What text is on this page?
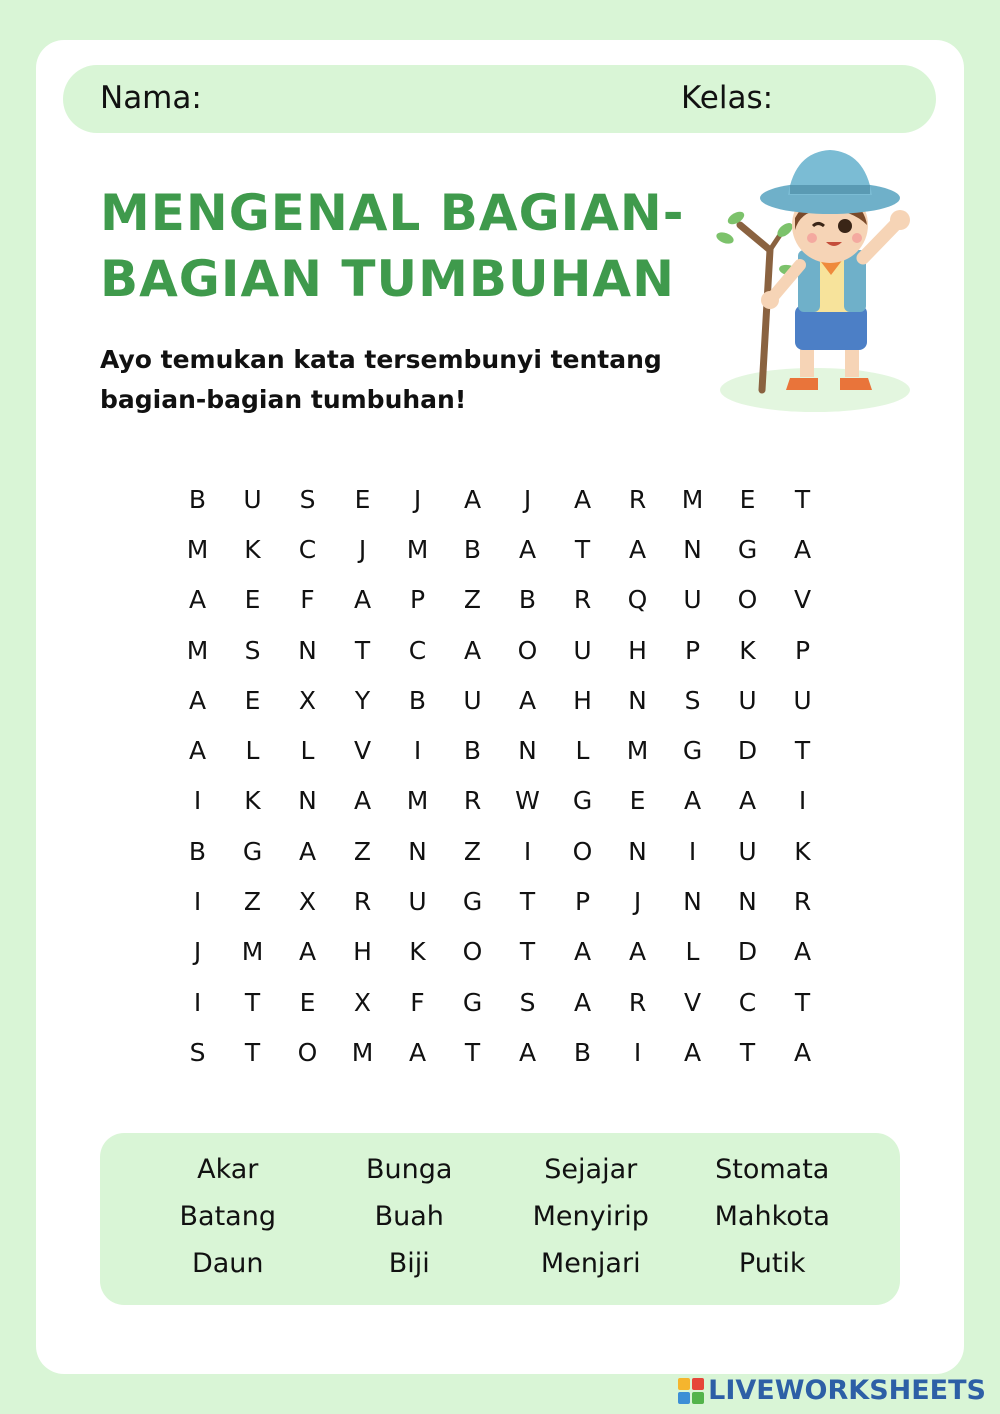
Nama:	Kelas:
MENGENAL BAGIAN-BAGIAN TUMBUHAN

Ayo temukan kata tersembunyi tentang bagian-bagian tumbuhan!

B	U	S	E	J	A	J	A	R	M	E	T
M	K	C	J	M	B	A	T	A	N	G	A
A	E	F	A	P	Z	B	R	Q	U	O	V
M	S	N	T	C	A	O	U	H	P	K	P
A	E	X	Y	B	U	A	H	N	S	U	U
A	L	L	V	I	B	N	L	M	G	D	T
I	K	N	A	M	R	W	G	E	A	A	I
B	G	A	Z	N	Z	I	O	N	I	U	K
I	Z	X	R	U	G	T	P	J	N	N	R
J	M	A	H	K	O	T	A	A	L	D	A
I	T	E	X	F	G	S	A	R	V	C	T
S	T	O	M	A	T	A	B	I	A	T	A
Akar	Bunga	Sejajar	Stomata
Batang	Buah	Menyirip	Mahkota
Daun	Biji	Menjari	Putik
LIVEWORKSHEETS
